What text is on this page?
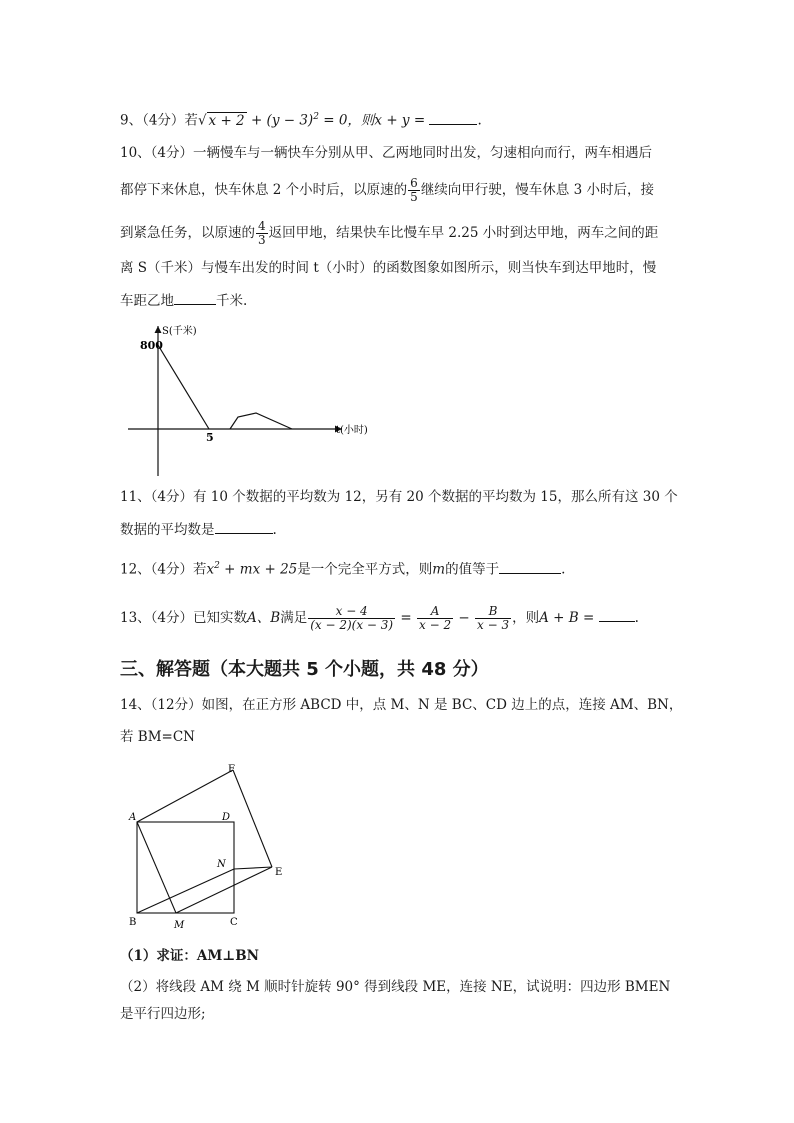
9、（4分）若√ $x + 2 + (y - 3)^2 = 0$，则x + y =	.
10、（4分）一辆慢车与一辆快车分别从甲、乙两地同时出发，匀速相向而行，两车相遇后
都停下来休息，快车休息 2 个小时后，以原速的 $\frac{6}{5}$ 继续向甲行驶，慢车休息 3 小时后，接
到紧急任务，以原速的 $\frac{4}{3}$ 返回甲地，结果快车比慢车早 2.25 小时到达甲地，两车之间的距
离 S（千米）与慢车出发的时间 t（小时）的函数图象如图所示，则当快车到达甲地时，慢
车距乙地	千米.
S(千米)
800
5
t(小时)
11、（4分）有 10 个数据的平均数为 12，另有 20 个数据的平均数为 15，那么所有这 30 个
数据的平均数是	.
12、（4分）若$x^2$ + mx + 25是一个完全平方式，则m的值等于	.
13、（4分）已知实数A、B满足 $\frac{x - 4}{(x - 2)(x - 3)} = \frac{A}{x - 2} - \frac{B}{x - 3}$ ，则A + B =	.
三、解答题（本大题共 5 个小题，共 48 分）
14、（12分）如图，在正方形 ABCD 中，点 M、N 是 BC、CD 边上的点，连接 AM、BN，
若 BM=CN
F
A	D
N
E
B	M	C
（1）求证：AM⊥BN
（2）将线段 AM 绕 M 顺时针旋转 90° 得到线段 ME，连接 NE，试说明：四边形 BMEN
是平行四边形;
